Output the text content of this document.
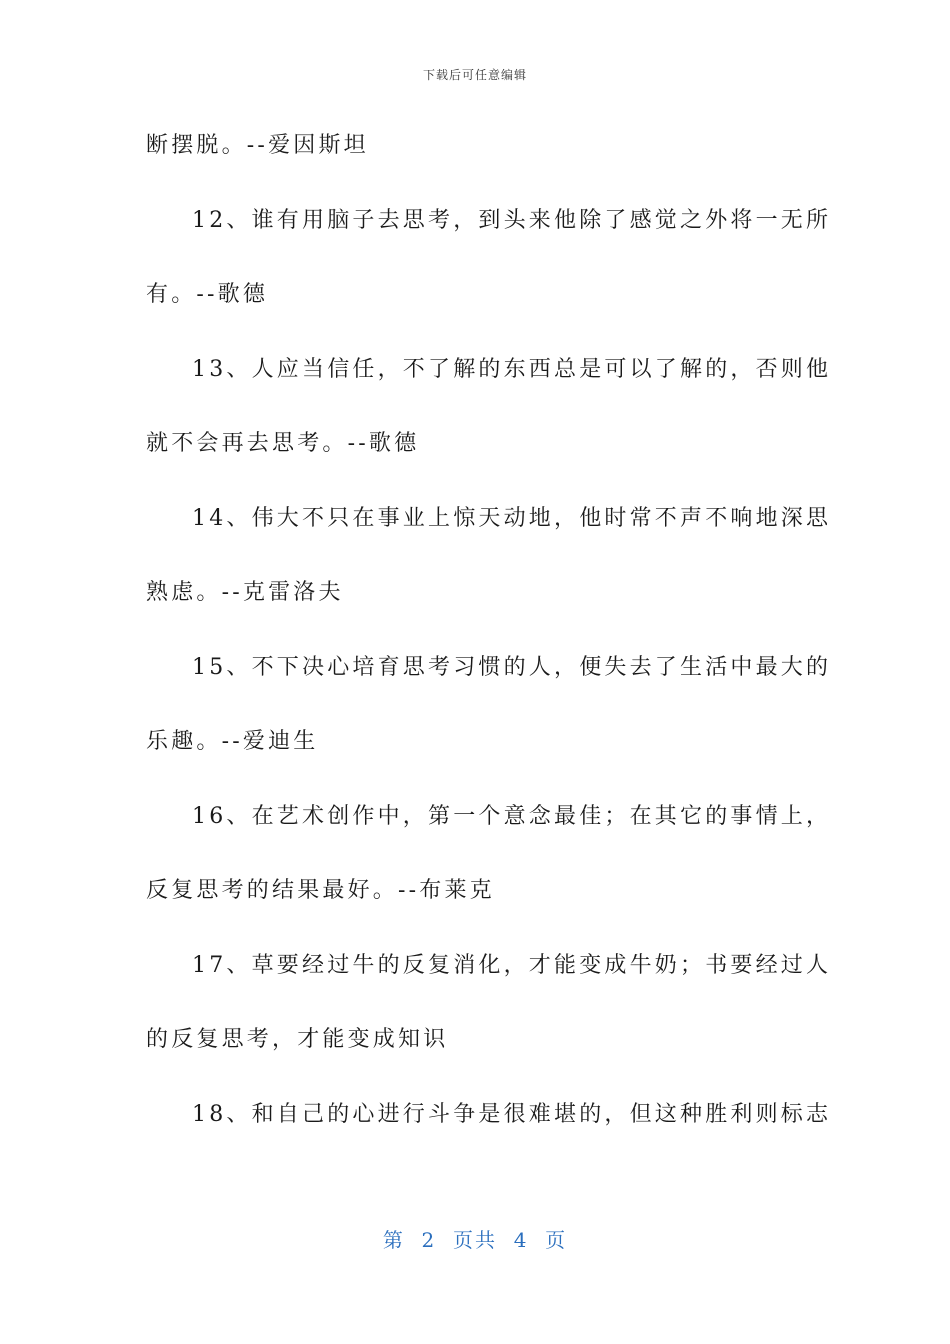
下载后可任意编辑
断摆脱。--爱因斯坦
12、谁有用脑子去思考，到头来他除了感觉之外将一无所
有。--歌德
13、人应当信任，不了解的东西总是可以了解的，否则他
就不会再去思考。--歌德
14、伟大不只在事业上惊天动地，他时常不声不响地深思
熟虑。--克雷洛夫
15、不下决心培育思考习惯的人，便失去了生活中最大的
乐趣。--爱迪生
16、在艺术创作中，第一个意念最佳；在其它的事情上，
反复思考的结果最好。--布莱克
17、草要经过牛的反复消化，才能变成牛奶；书要经过人
的反复思考，才能变成知识
18、和自己的心进行斗争是很难堪的，但这种胜利则标志
第  2  页共  4  页
